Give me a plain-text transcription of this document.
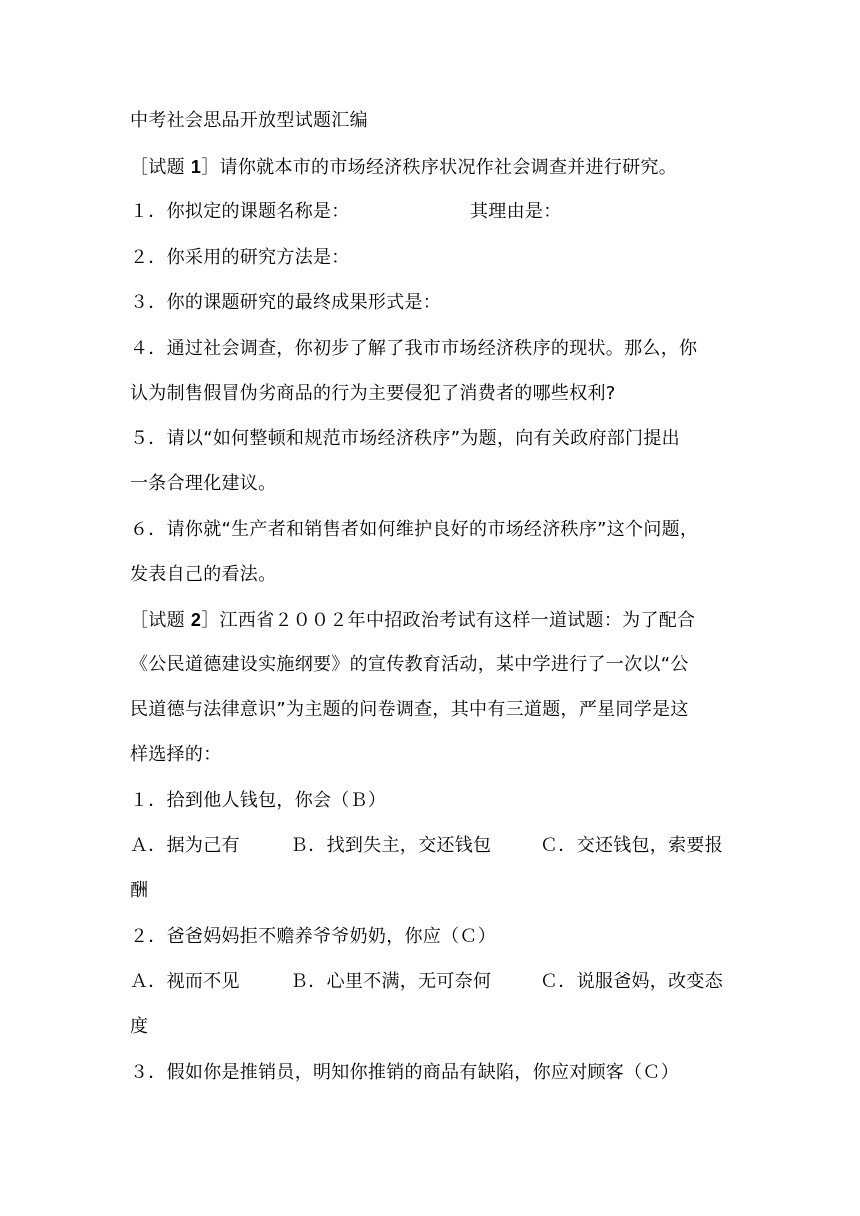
中考社会思品开放型试题汇编
［试题 1］请你就本市的市场经济秩序状况作社会调查并进行研究。
１．你拟定的课题名称是：	其理由是：
２．你采用的研究方法是：
３．你的课题研究的最终成果形式是：
４．通过社会调查，你初步了解了我市市场经济秩序的现状。那么，你
认为制售假冒伪劣商品的行为主要侵犯了消费者的哪些权利?
５．请以“如何整顿和规范市场经济秩序”为题，向有关政府部门提出
一条合理化建议。
６．请你就“生产者和销售者如何维护良好的市场经济秩序”这个问题，
发表自己的看法。
［试题 2］江西省２００２年中招政治考试有这样一道试题：为了配合
《公民道德建设实施纲要》的宣传教育活动，某中学进行了一次以“公
民道德与法律意识”为主题的问卷调查，其中有三道题，严星同学是这
样选择的：
１．拾到他人钱包，你会（Ｂ）
Ａ．据为己有	Ｂ．找到失主，交还钱包	Ｃ．交还钱包，索要报
酬
２．爸爸妈妈拒不赡养爷爷奶奶，你应（Ｃ）
Ａ．视而不见	Ｂ．心里不满，无可奈何	Ｃ．说服爸妈，改变态
度
３．假如你是推销员，明知你推销的商品有缺陷，你应对顾客（Ｃ）
